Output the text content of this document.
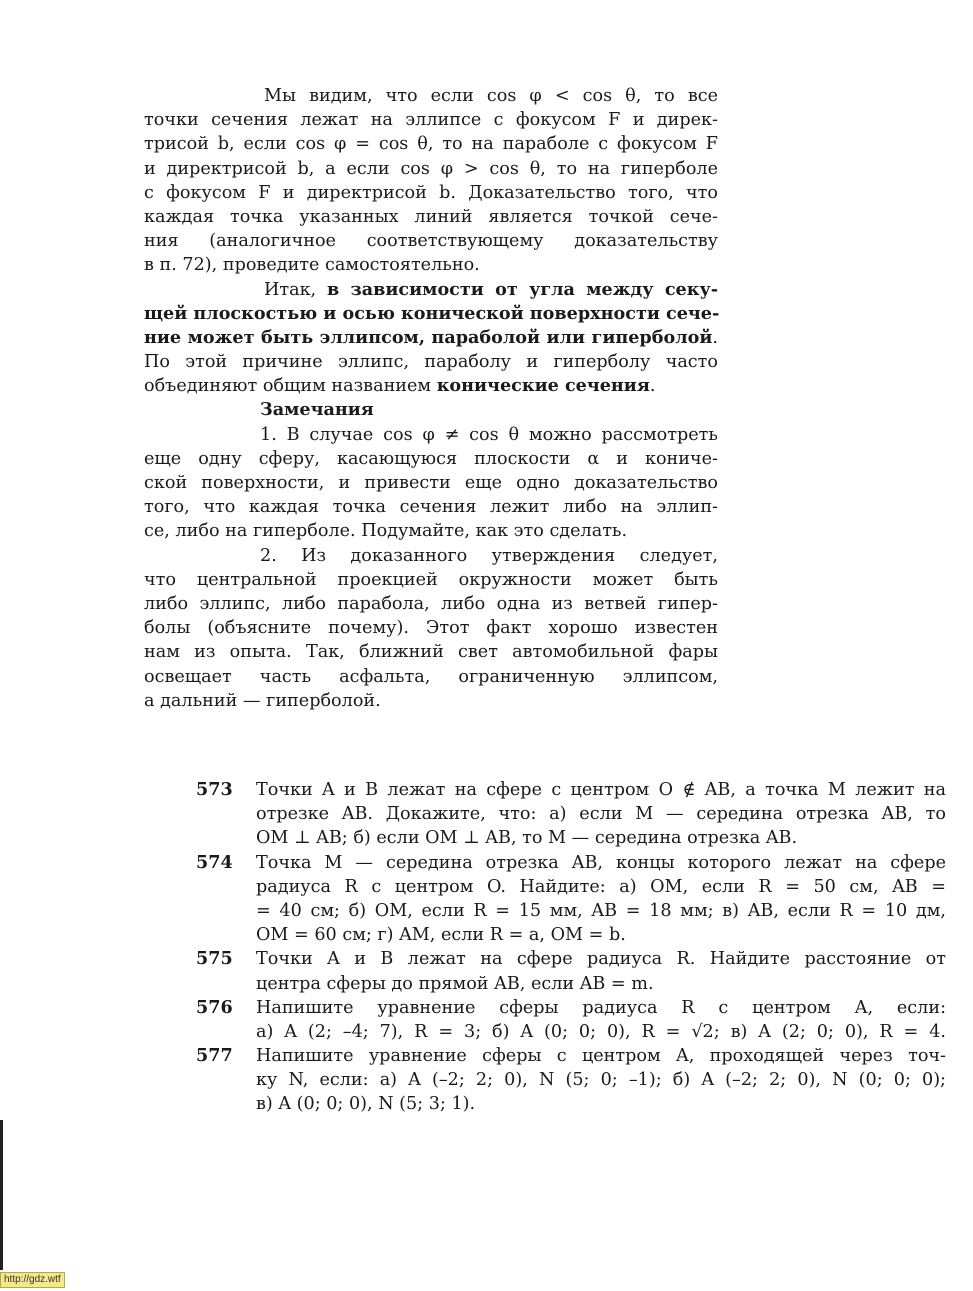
Мы видим, что если cos φ < cos θ, то все
точки сечения лежат на эллипсе с фокусом F и дирек-
трисой b, если cos φ = cos θ, то на параболе с фокусом F
и директрисой b, а если cos φ > cos θ, то на гиперболе
с фокусом F и директрисой b. Доказательство того, что
каждая точка указанных линий является точкой сече-
ния (аналогичное соответствующему доказательству
в п. 72), проведите самостоятельно.
Итак, в зависимости от угла между секу-
щей плоскостью и осью конической поверхности сече-
ние может быть эллипсом, параболой или гиперболой.
По этой причине эллипс, параболу и гиперболу часто
объединяют общим названием конические сечения.
Замечания
1. В случае cos φ ≠ cos θ можно рассмотреть
еще одну сферу, касающуюся плоскости α и кониче-
ской поверхности, и привести еще одно доказательство
того, что каждая точка сечения лежит либо на эллип-
се, либо на гиперболе. Подумайте, как это сделать.
2. Из доказанного утверждения следует,
что центральной проекцией окружности может быть
либо эллипс, либо парабола, либо одна из ветвей гипер-
болы (объясните почему). Этот факт хорошо известен
нам из опыта. Так, ближний свет автомобильной фары
освещает часть асфальта, ограниченную эллипсом,
а дальний — гиперболой.
573 Точки A и B лежат на сфере с центром O ∉ AB, а точка M лежит на
отрезке AB. Докажите, что: а) если M — середина отрезка AB, то
OM ⊥ AB; б) если OM ⊥ AB, то M — середина отрезка AB.
574 Точка M — середина отрезка AB, концы которого лежат на сфере
радиуса R с центром O. Найдите: а) OM, если R = 50 см, AB =
= 40 см; б) OM, если R = 15 мм, AB = 18 мм; в) AB, если R = 10 дм,
OM = 60 см; г) AM, если R = a, OM = b.
575 Точки A и B лежат на сфере радиуса R. Найдите расстояние от
центра сферы до прямой AB, если AB = m.
576 Напишите уравнение сферы радиуса R с центром A, если:
а) A (2; –4; 7), R = 3; б) A (0; 0; 0), R = √2; в) A (2; 0; 0), R = 4.
577 Напишите уравнение сферы с центром A, проходящей через точ-
ку N, если: а) A (–2; 2; 0), N (5; 0; –1); б) A (–2; 2; 0), N (0; 0; 0);
в) A (0; 0; 0), N (5; 3; 1).
http://gdz.wtf
